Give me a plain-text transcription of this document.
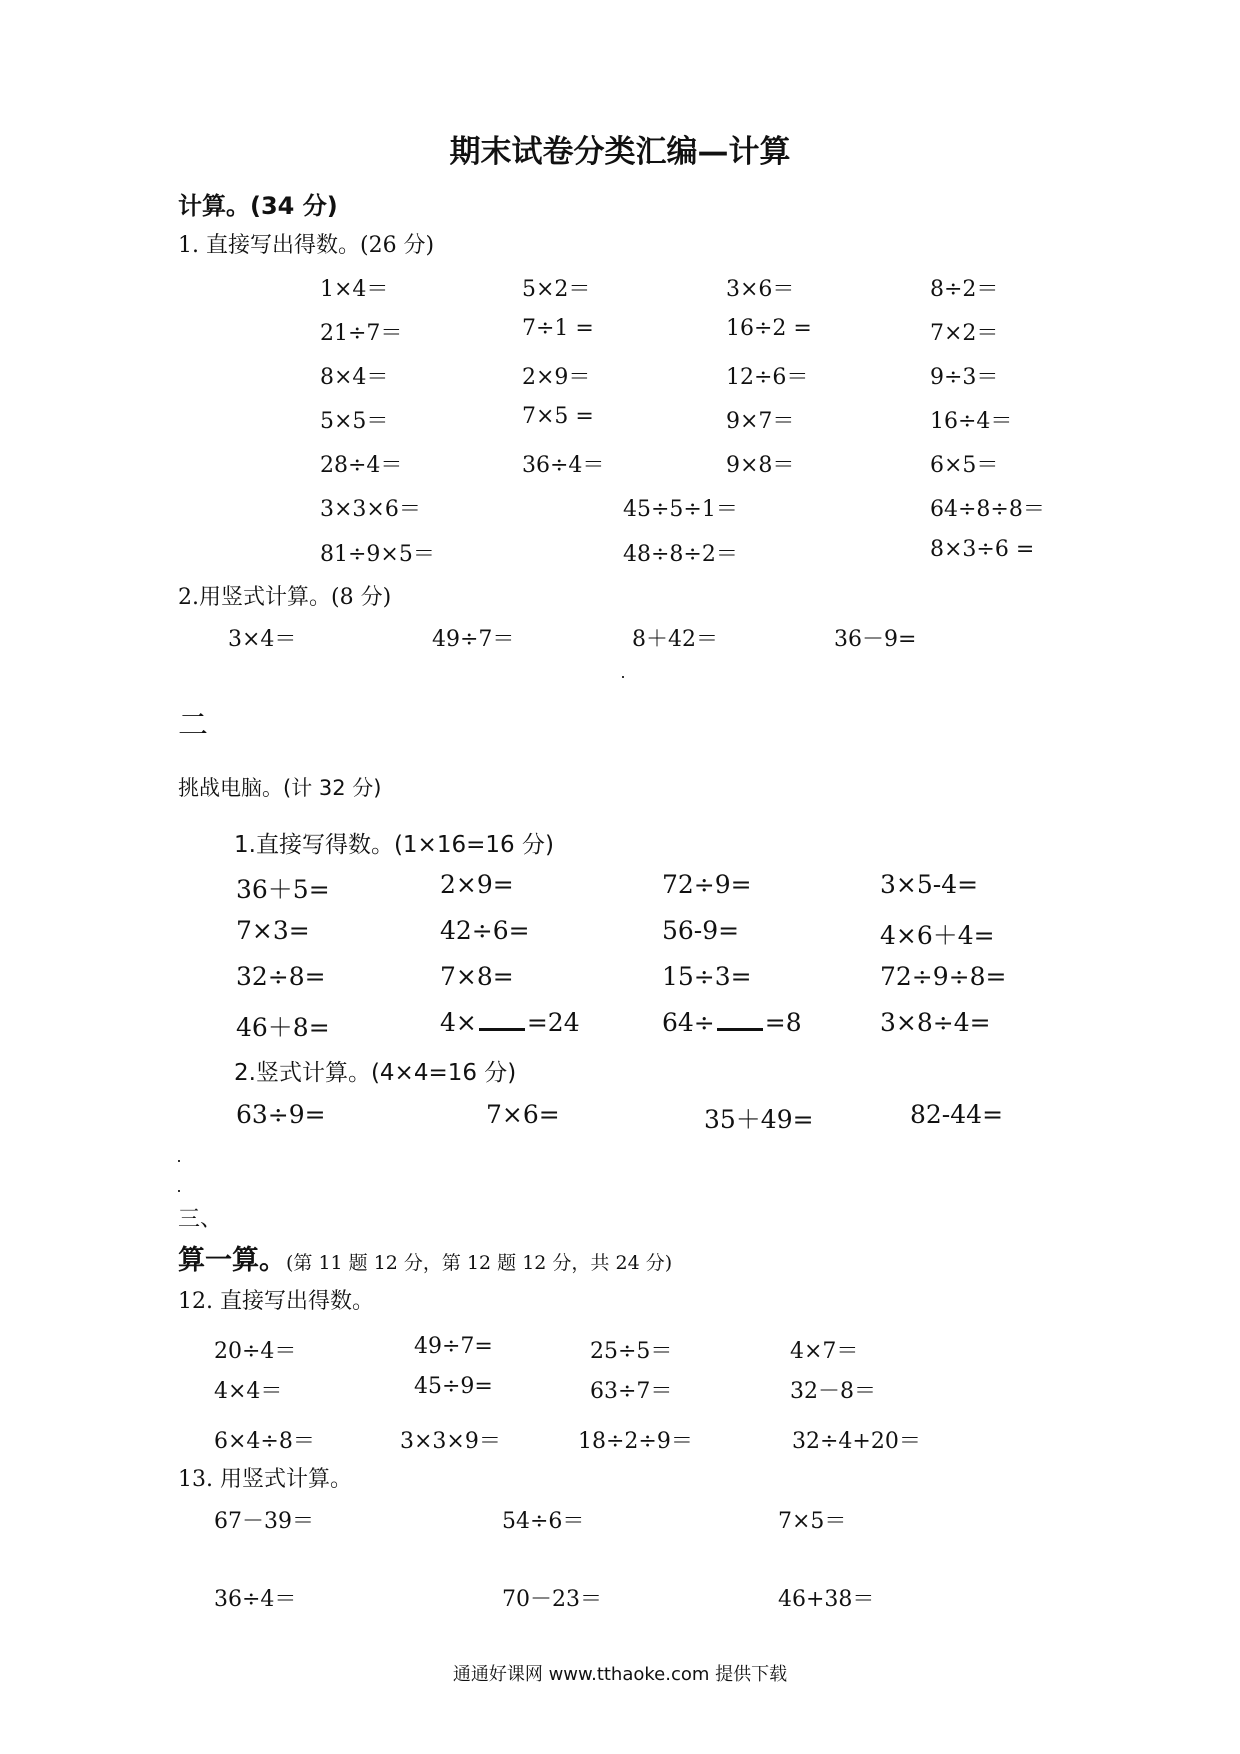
期末试卷分类汇编—计算
计算。(34 分)
1. 直接写出得数。(26 分)
1×4＝	5×2＝	3×6＝	8÷2＝
21÷7＝	7÷1 =	16÷2 =	7×2＝
8×4＝	2×9＝	12÷6＝	9÷3＝
5×5＝	7×5 =	9×7＝	16÷4＝
28÷4＝	36÷4＝	9×8＝	6×5＝
3×3×6＝	45÷5÷1＝	64÷8÷8＝
81÷9×5＝	48÷8÷2＝	8×3÷6 =
2.用竖式计算。(8 分)
3×4＝	49÷7＝	8＋42＝	36－9=
二
挑战电脑。(计 32 分)
1.直接写得数。(1×16=16 分)
36＋5=	2×9=	72÷9=	3×5-4=
7×3=	42÷6=	56-9=	4×6＋4=
32÷8=	7×8=	15÷3=	72÷9÷8=
46＋8=	4× =24	64÷ =8	3×8÷4=
2.竖式计算。(4×4=16 分)
63÷9=	7×6=	35＋49=	82-44=
三、
算一算。(第 11 题 12 分，第 12 题 12 分，共 24 分)
12. 直接写出得数。
20÷4＝	49÷7=	25÷5＝	4×7＝
4×4＝	45÷9=	63÷7＝	32－8＝
6×4÷8＝	3×3×9＝	18÷2÷9＝	32÷4+20＝
13. 用竖式计算。
67－39＝	54÷6＝	7×5＝
36÷4＝	70－23＝	46+38＝
通通好课网 www.tthaoke.com 提供下载
